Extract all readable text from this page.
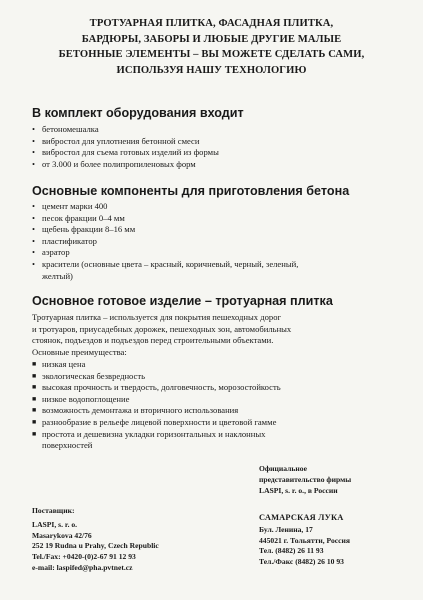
ТРОТУАРНАЯ ПЛИТКА, ФАСАДНАЯ ПЛИТКА,
БАРДЮРЫ, ЗАБОРЫ И ЛЮБЫЕ ДРУГИЕ МАЛЫЕ
БЕТОННЫЕ ЭЛЕМЕНТЫ – ВЫ МОЖЕТЕ СДЕЛАТЬ САМИ,
ИСПОЛЬЗУЯ НАШУ ТЕХНОЛОГИЮ
В комплект оборудования входит
• бетономешалка
• вибростол для уплотнения бетонной смеси
• вибростол для съема готовых изделий из формы
• от 3.000 и более полипропиленовых форм
Основные компоненты для приготовления бетона
• цемент марки 400
• песок фракции 0–4 мм
• щебень фракции 8–16 мм
• пластификатор
• аэратор
• красители (основные цвета – красный, коричневый, черный, зеленый,
желтый)
Основное готовое изделие – тротуарная плитка
Тротуарная плитка – используется для покрытия пешеходных дорог
и тротуаров, приусадебных дорожек, пешеходных зон, автомобильных
стоянок, подъездов и подъездов перед строительными объектами.
Основные преимущества:
■ низкая цена
■ экологическая безвредность
■ высокая прочность и твердость, долговечность, морозостойкость
■ низкое водопоглощение
■ возможность демонтажа и вторичного использования
■ разнообразие в рельефе лицевой поверхности и цветовой гамме
■ простота и дешевизна укладки горизонтальных и наклонных
поверхностей
Официальное
представительство фирмы
LASPI, s. r. o., в России
Поставщик:
LASPI, s. r. o.
Masarykova 42/76
252 19 Rudna u Prahy, Czech Republic
Tel./Fax: +0420-(0)2-67 91 12 93
e-mail: laspifed@pha.pvtnet.cz
САМАРСКАЯ ЛУКА
Бул. Ленина, 17
445021 г. Тольятти, Россия
Тел. (8482) 26 11 93
Тел./Факс (8482) 26 10 93
